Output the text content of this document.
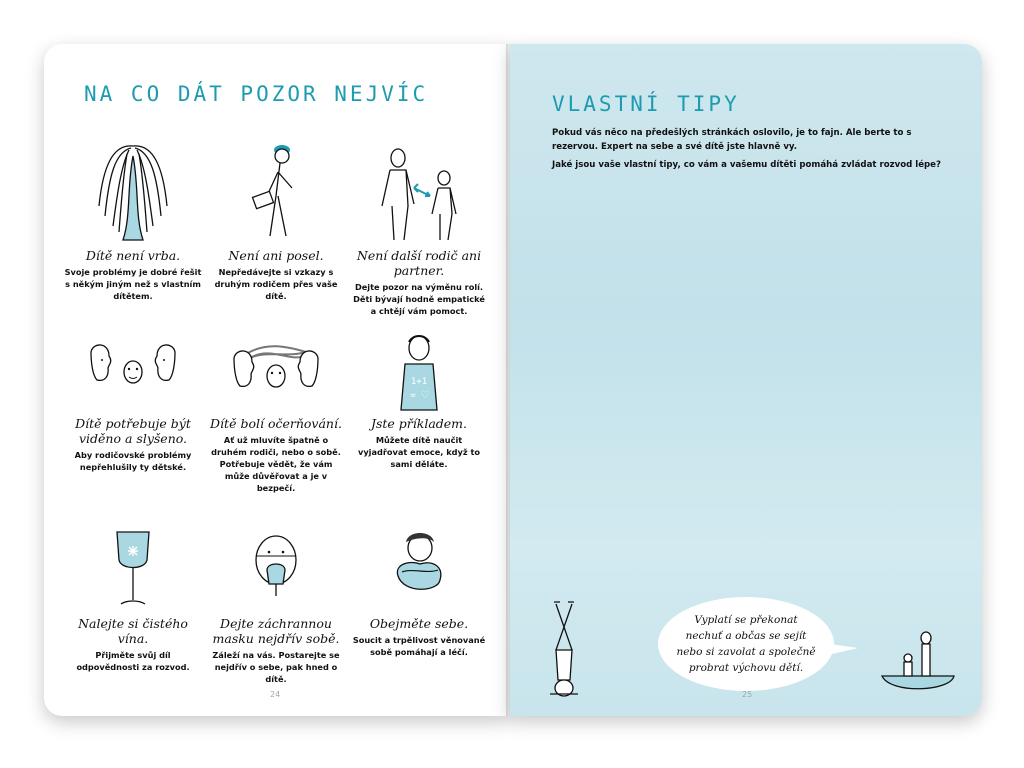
NA CO DÁT POZOR NEJVÍC
Dítě není vrba.
Svoje problémy je dobré řešit s někým jiným než s vlastním dítětem.
Není ani posel.
Nepředávejte si vzkazy s druhým rodičem přes vaše dítě.
Není další rodič ani partner.
Dejte pozor na výměnu rolí. Děti bývají hodně empatické a chtějí vám pomoct.
Dítě potřebuje být viděno a slyšeno.
Aby rodičovské problémy nepřehlušily ty dětské.
Dítě bolí očerňování.
Ať už mluvíte špatně o druhém rodiči, nebo o sobě. Potřebuje vědět, že vám může důvěřovat a je v bezpečí.
1+1
= ♡
Jste příkladem.
Můžete dítě naučit vyjadřovat emoce, když to sami děláte.
Nalejte si čistého vína.
Přijměte svůj díl odpovědnosti za rozvod.
Dejte záchrannou masku nejdřív sobě.
Záleží na vás. Postarejte se nejdřív o sebe, pak hned o dítě.
Obejměte sebe.
Soucit a trpělivost věnované sobě pomáhají a léčí.
24
VLASTNÍ TIPY
Pokud vás něco na předešlých stránkách oslovilo, je to fajn. Ale berte to s rezervou. Expert na sebe a své dítě jste hlavně vy.
Jaké jsou vaše vlastní tipy, co vám a vašemu dítěti pomáhá zvládat rozvod lépe?
Vyplatí se překonat nechuť a občas se sejít nebo si zavolat a společně probrat výchovu dětí.
25
